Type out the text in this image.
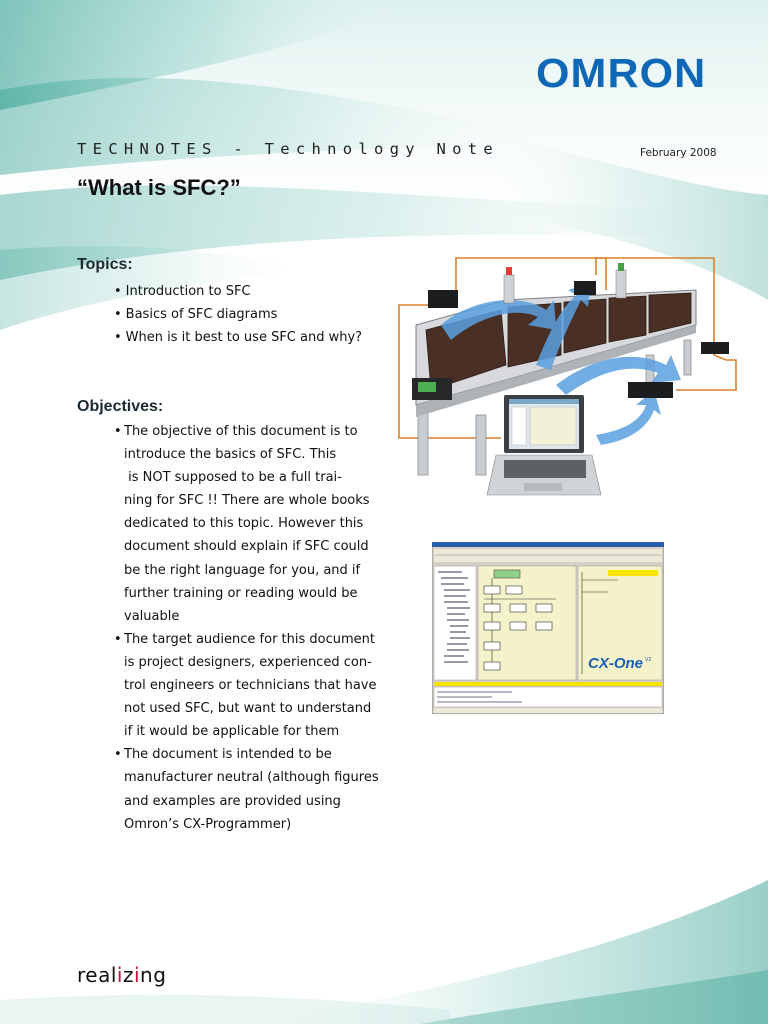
OMRON
TECHNOTES - Technology Note	February 2008
“What is SFC?”
Topics:
• Introduction to SFC
• Basics of SFC diagrams
• When is it best to use SFC and why?
Objectives:
• The objective of this document is to
introduce the basics of SFC. This
is NOT supposed to be a full trai-
ning for SFC !! There are whole books
dedicated to this topic. However this
document should explain if SFC could
be the right language for you, and if
further training or reading would be
valuable
• The target audience for this document
is project designers, experienced con-
trol engineers or technicians that have
not used SFC, but want to understand
if it would be applicable for them
• The document is intended to be
manufacturer neutral (although figures
and examples are provided using
Omron’s CX-Programmer)
CX-One V2
realizing
